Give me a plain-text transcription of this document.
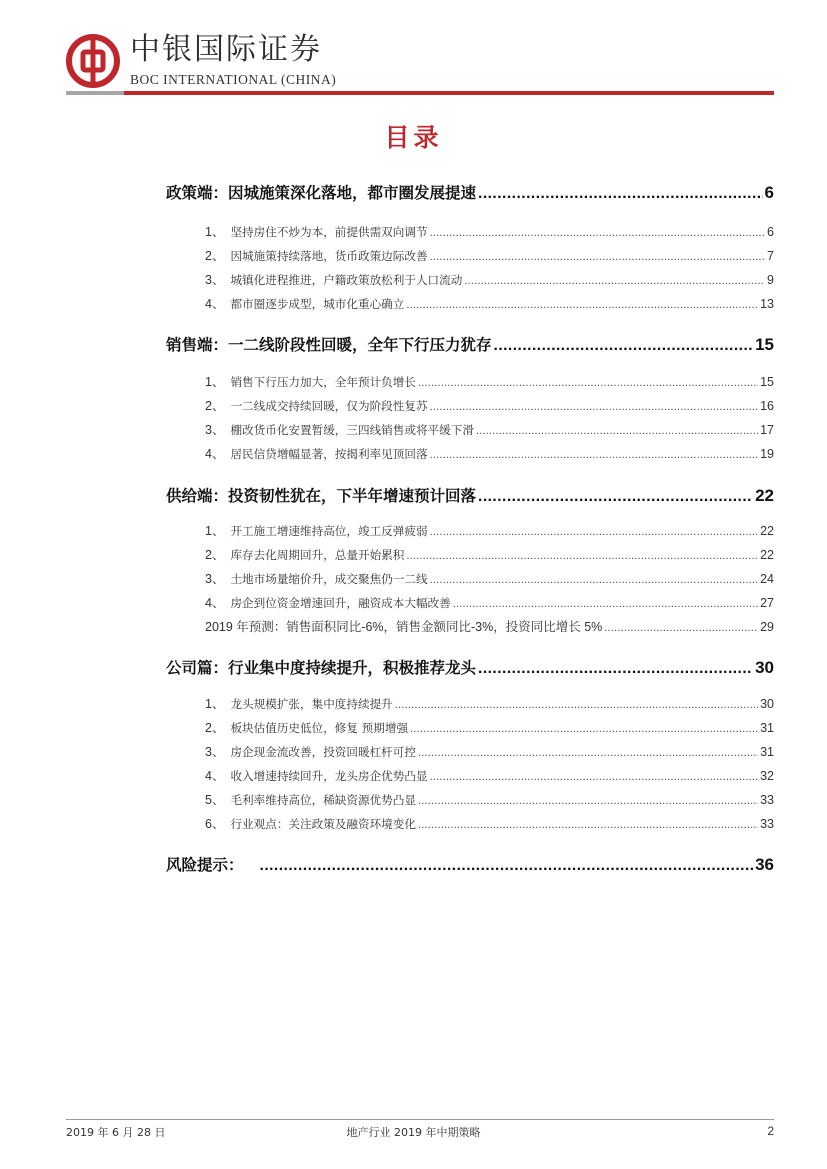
中银国际证券
BOC INTERNATIONAL (CHINA)
目录
政策端：因城施策深化落地，都市圈发展提速 .....	6
1、 坚持房住不炒为本，前提供需双向调节 .....	6
2、 因城施策持续落地，货币政策边际改善 .....	7
3、 城镇化进程推进，户籍政策放松利于人口流动 .....	9
4、 都市圈逐步成型，城市化重心确立 .....	13
销售端：一二线阶段性回暖，全年下行压力犹存 .....	15
1、 销售下行压力加大，全年预计负增长 .....	15
2、 一二线成交持续回暖，仅为阶段性复苏 .....	16
3、 棚改货币化安置暂缓，三四线销售或将平缓下滑 .....	17
4、 居民信贷增幅显著，按揭利率见顶回落 .....	19
供给端：投资韧性犹在，下半年增速预计回落 .....	22
1、 开工施工增速维持高位，竣工反弹疲弱 .....	22
2、 库存去化周期回升，总量开始累积 .....	22
3、 土地市场量缩价升，成交聚焦仍一二线 .....	24
4、 房企到位资金增速回升，融资成本大幅改善 .....	27
2019 年预测：销售面积同比-6%，销售金额同比-3%，投资同比增长 5% .....	29
公司篇：行业集中度持续提升，积极推荐龙头 .....	30
1、 龙头规模扩张，集中度持续提升 .....	30
2、 板块估值历史低位，修复 预期增强 .....	31
3、 房企现金流改善，投资回暖杠杆可控 .....	31
4、 收入增速持续回升，龙头房企优势凸显 .....	32
5、 毛利率维持高位，稀缺资源优势凸显 .....	33
6、 行业观点：关注政策及融资环境变化 .....	33
风险提示： .....	36
2019 年 6 月 28 日	地产行业 2019 年中期策略	2
